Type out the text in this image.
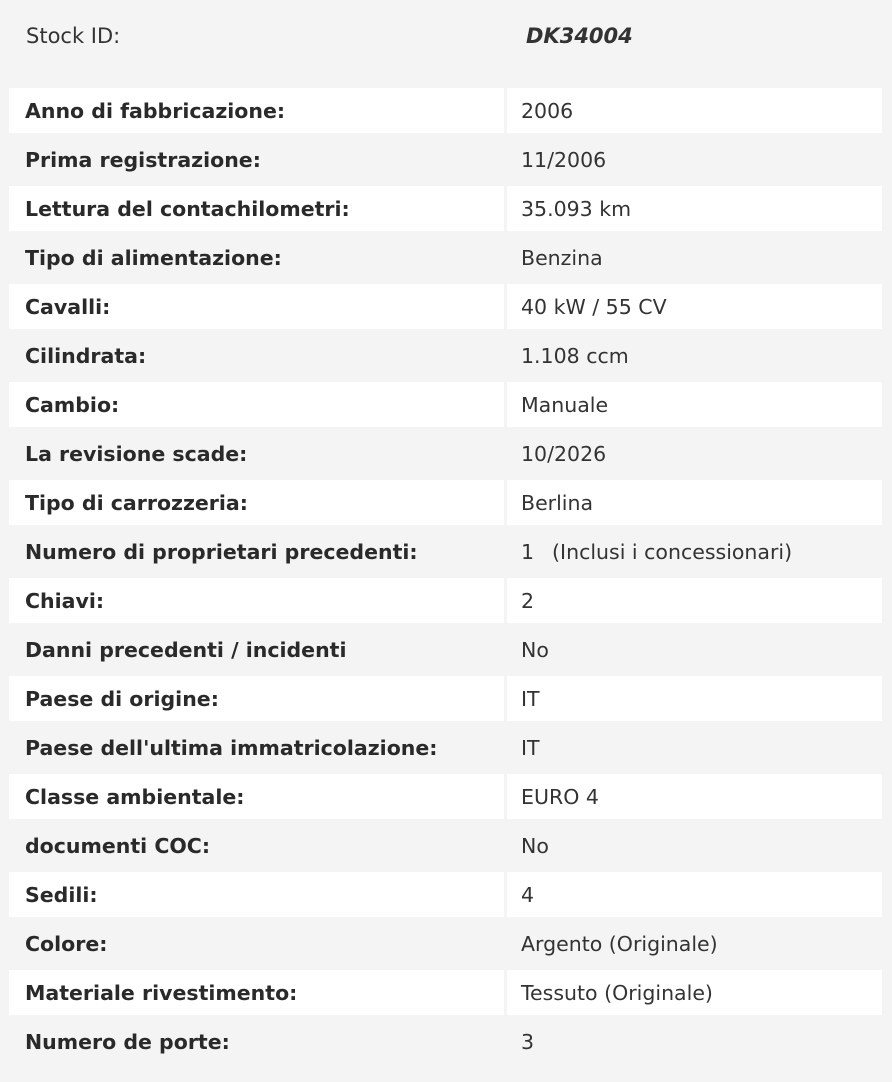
Stock ID:	DK34004
Anno di fabbricazione:	2006
Prima registrazione:	11/2006
Lettura del contachilometri:	35.093 km
Tipo di alimentazione:	Benzina
Cavalli:	40 kW / 55 CV
Cilindrata:	1.108 ccm
Cambio:	Manuale
La revisione scade:	10/2026
Tipo di carrozzeria:	Berlina
Numero di proprietari precedenti:	1 (Inclusi i concessionari)
Chiavi:	2
Danni precedenti / incidenti	No
Paese di origine:	IT
Paese dell'ultima immatricolazione:	IT
Classe ambientale:	EURO 4
documenti COC:	No
Sedili:	4
Colore:	Argento (Originale)
Materiale rivestimento:	Tessuto (Originale)
Numero de porte:	3
